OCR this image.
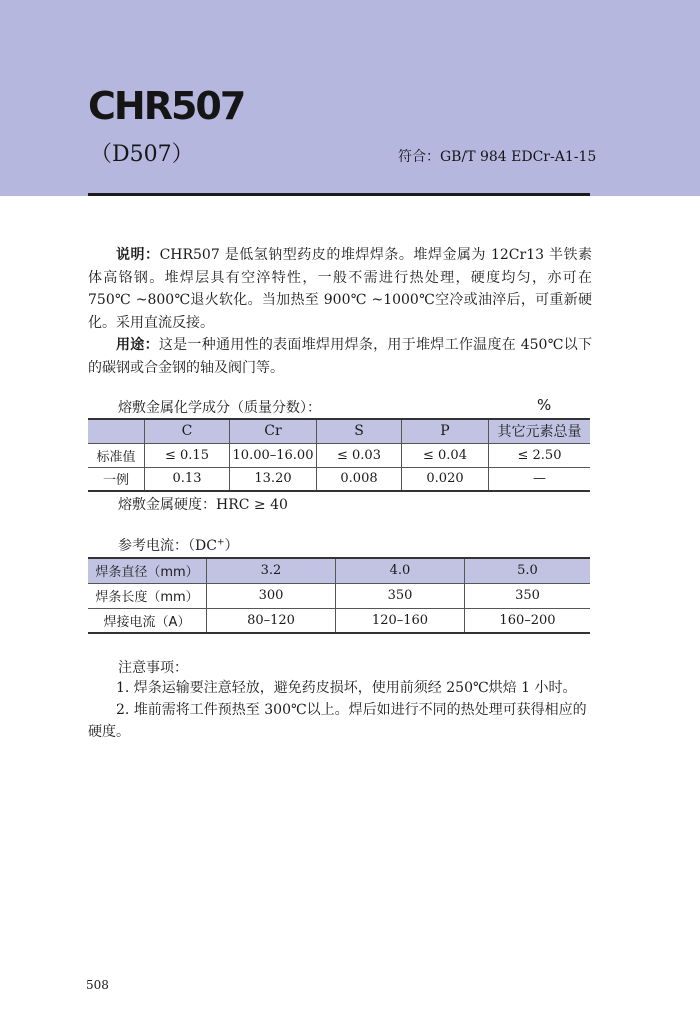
CHR507
（D507）	符合：GB/T 984 EDCr-A1-15
说明：CHR507 是低氢钠型药皮的堆焊焊条。堆焊金属为 12Cr13 半铁素体高铬钢。堆焊层具有空淬特性，一般不需进行热处理，硬度均匀，亦可在 750℃ ~800℃退火软化。当加热至 900℃ ~1000℃空冷或油淬后，可重新硬化。采用直流反接。
用途：这是一种通用性的表面堆焊用焊条，用于堆焊工作温度在 450℃以下的碳钢或合金钢的轴及阀门等。
熔敷金属化学成分（质量分数）：	%
	C	Cr	S	P	其它元素总量
标准值	≤ 0.15	10.00–16.00	≤ 0.03	≤ 0.04	≤ 2.50
一例	0.13	13.20	0.008	0.020	—
熔敷金属硬度：HRC ≥ 40
参考电流：（DC+）
焊条直径（mm）	3.2	4.0	5.0
焊条长度（mm）	300	350	350
焊接电流（A）	80–120	120–160	160–200
注意事项：
1. 焊条运输要注意轻放，避免药皮损坏，使用前须经 250℃烘焙 1 小时。
2. 堆前需将工件预热至 300℃以上。焊后如进行不同的热处理可获得相应的硬度。
508
